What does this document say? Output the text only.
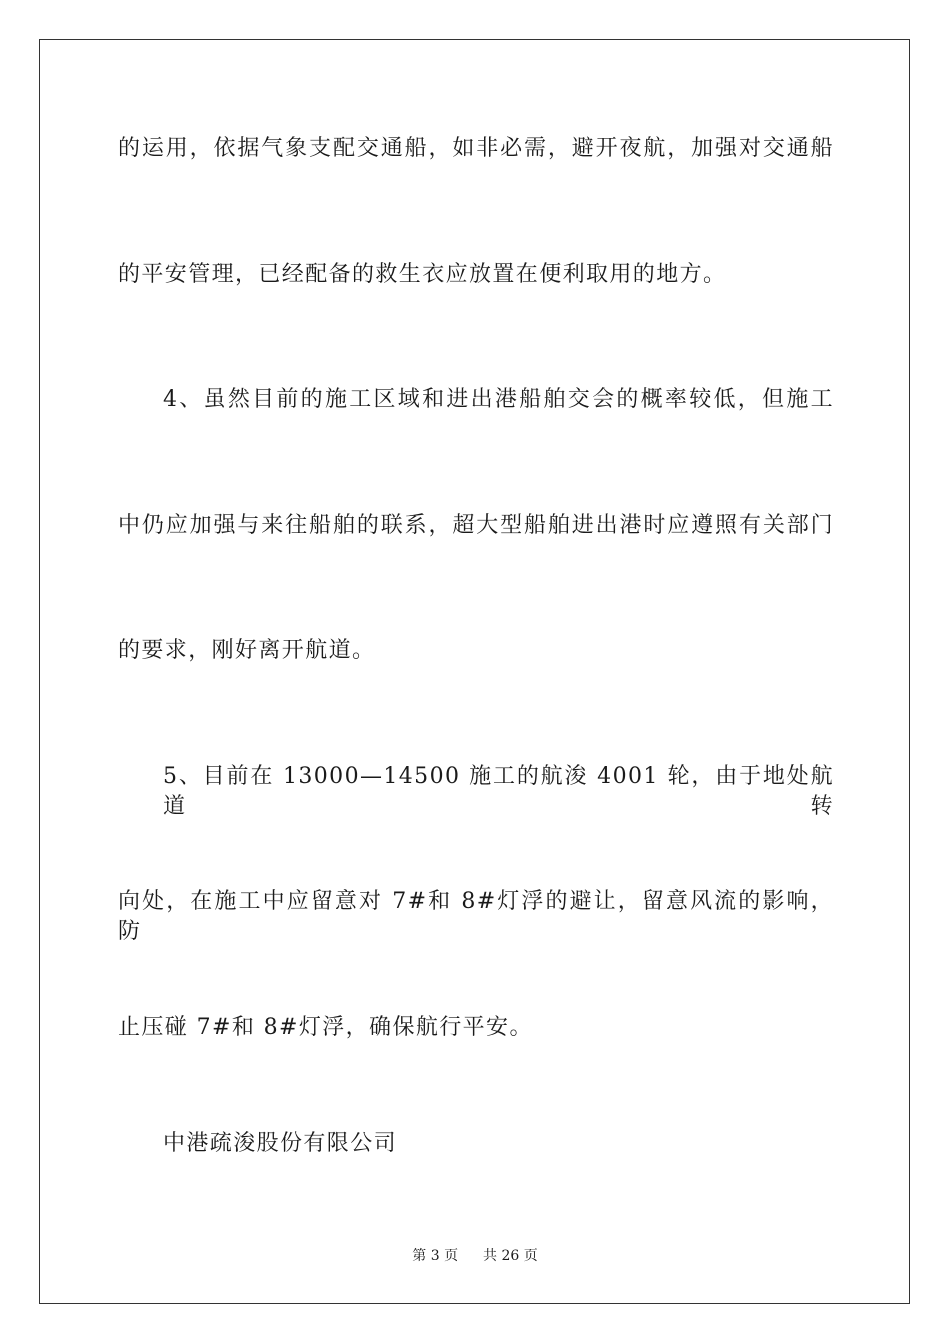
的运用，依据气象支配交通船，如非必需，避开夜航，加强对交通船
的平安管理，已经配备的救生衣应放置在便利取用的地方。
4、虽然目前的施工区域和进出港船舶交会的概率较低，但施工
中仍应加强与来往船舶的联系，超大型船舶进出港时应遵照有关部门
的要求，刚好离开航道。
5、目前在 13000—14500 施工的航浚 4001 轮，由于地处航道转
向处，在施工中应留意对 7#和 8#灯浮的避让，留意风流的影响，防
止压碰 7#和 8#灯浮，确保航行平安。
中港疏浚股份有限公司
第 3 页 共 26 页
